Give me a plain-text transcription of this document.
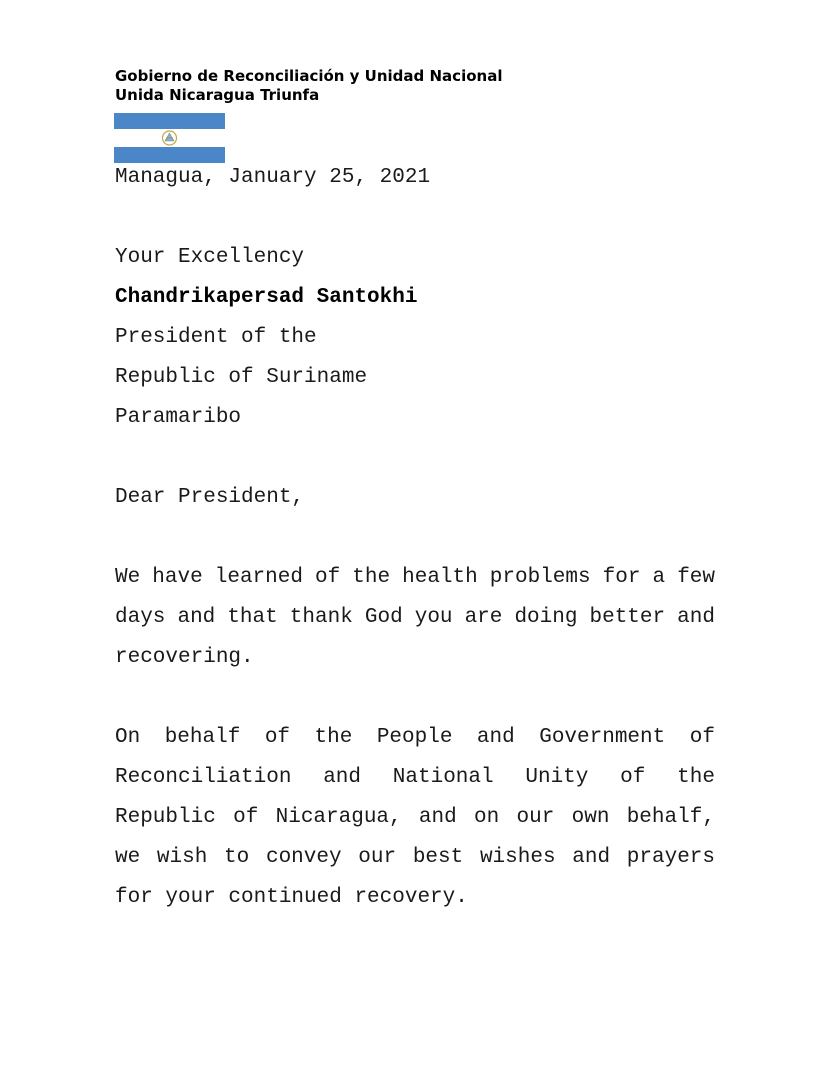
Gobierno de Reconciliación y Unidad Nacional
Unida Nicaragua Triunfa
Managua, January 25, 2021
Your Excellency
Chandrikapersad Santokhi
President of the
Republic of Suriname
Paramaribo
Dear President,
We have learned of the health problems for a few
days and that thank God you are doing better and
recovering.
On behalf of the People and Government of
Reconciliation and National Unity of the
Republic of Nicaragua, and on our own behalf,
we wish to convey our best wishes and prayers
for your continued recovery.
